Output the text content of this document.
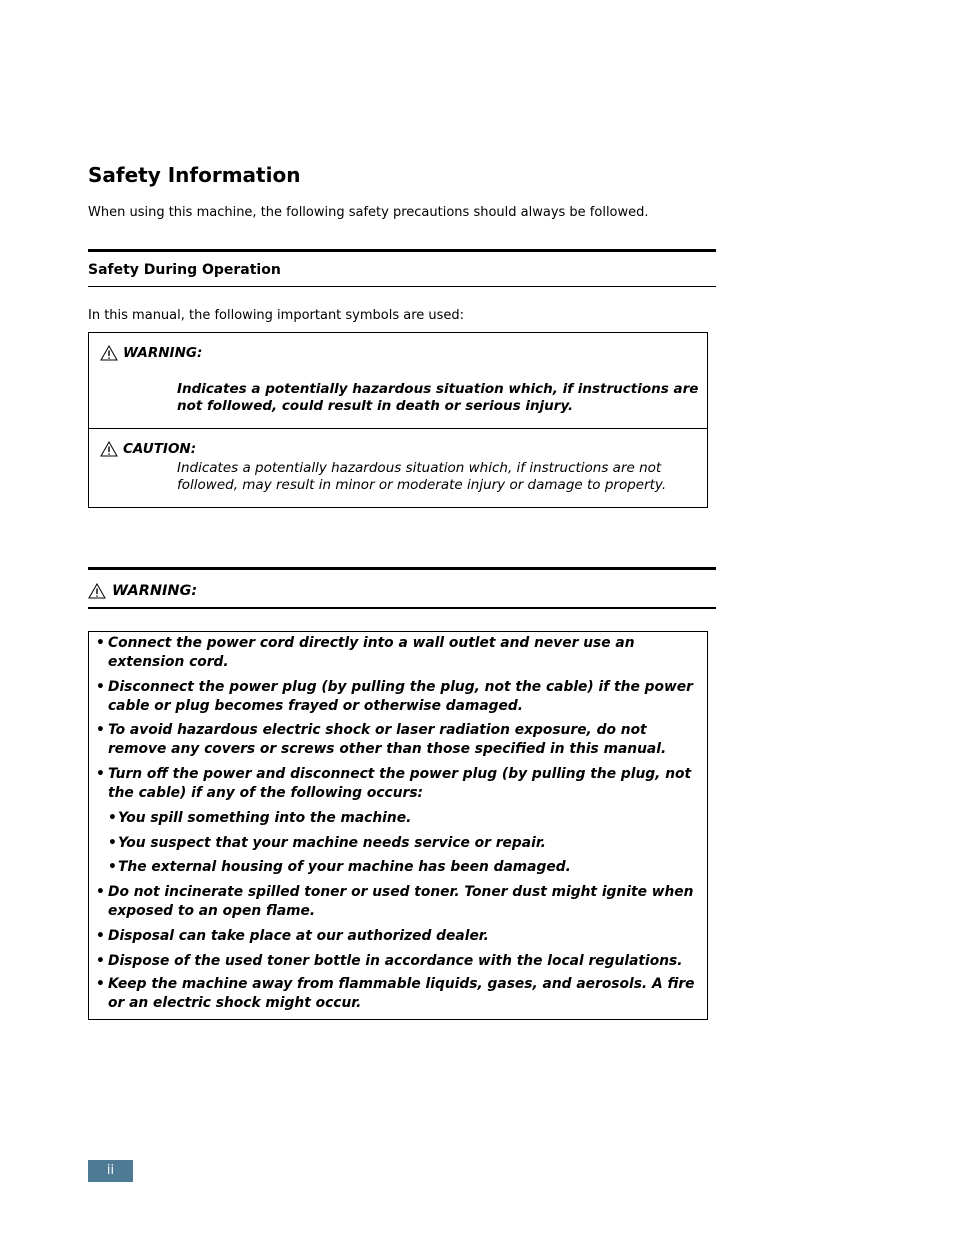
Safety Information
When using this machine, the following safety precautions should always be followed.
Safety During Operation
In this manual, the following important symbols are used:
WARNING:
Indicates a potentially hazardous situation which, if instructions are not followed, could result in death or serious injury.
CAUTION:
Indicates a potentially hazardous situation which, if instructions are not followed, may result in minor or moderate injury or damage to property.
WARNING:
• Connect the power cord directly into a wall outlet and never use an extension cord.
• Disconnect the power plug (by pulling the plug, not the cable) if the power cable or plug becomes frayed or otherwise damaged.
• To avoid hazardous electric shock or laser radiation exposure, do not remove any covers or screws other than those specified in this manual.
• Turn off the power and disconnect the power plug (by pulling the plug, not the cable) if any of the following occurs:
• You spill something into the machine.
• You suspect that your machine needs service or repair.
• The external housing of your machine has been damaged.
• Do not incinerate spilled toner or used toner. Toner dust might ignite when exposed to an open flame.
• Disposal can take place at our authorized dealer.
• Dispose of the used toner bottle in accordance with the local regulations.
• Keep the machine away from flammable liquids, gases, and aerosols. A fire or an electric shock might occur.
ii
